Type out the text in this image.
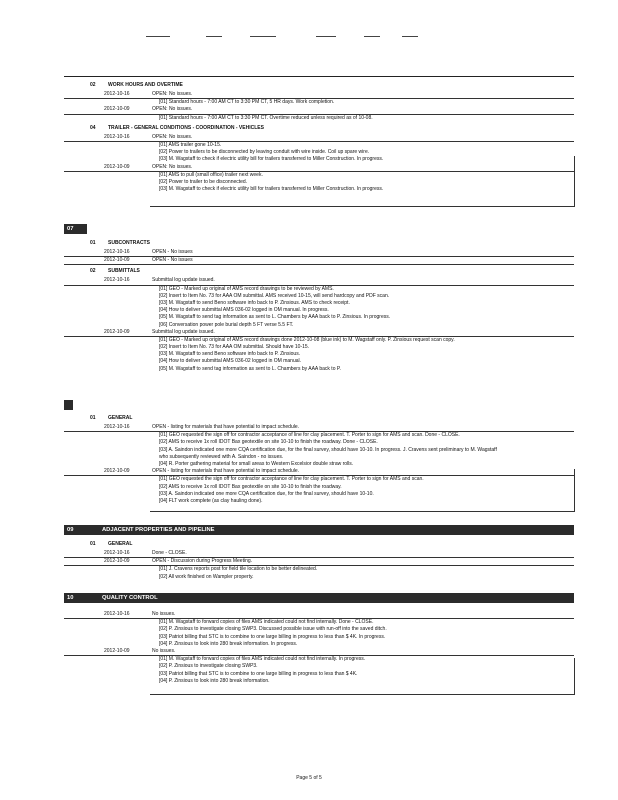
02 WORK HOURS AND OVERTIME
2012-10-16	OPEN: No issues.
[01] Standard hours - 7:00 AM CT to 3:30 PM CT, 5 HR days. Work completion.
2012-10-09	OPEN: No issues.
[01] Standard hours - 7:00 AM CT to 3:30 PM CT. Overtime reduced unless required as of 10-08.
04 TRAILER - GENERAL CONDITIONS - COORDINATION - VEHICLES
2012-10-16	OPEN: No issues.
[01] AMS trailer gone 10-15.
[02] Power to trailers to be disconnected by leaving conduit with wire inside. Coil up spare wire.
[03] M. Wagstaff to check if electric utility bill for trailers transferred to Miller Construction. In progress.
2012-10-09	OPEN: No issues.
[01] AMS to pull (small office) trailer next week.
[02] Power to trailer to be disconnected.
[03] M. Wagstaff to check if electric utility bill for trailers transferred to Miller Construction. In progress.
07
01 SUBCONTRACTS
2012-10-16	OPEN - No issues
2012-10-09	OPEN - No issues
02 SUBMITTALS
2012-10-16	Submittal log update issued.
[01] GEO - Marked up original of AMS record drawings to be reviewed by AMS.
[02] Insert to Item No. 73 for AAA OM submittal. AMS received 10-15, will send hardcopy and PDF scan.
[03] M. Wagstaff to send Beno software info back to P. Zinsious. AMS to check receipt.
[04] How to deliver submittal AMS 036-02 logged in OM manual. In progress.
[05] M. Wagstaff to send tag information as sent to L. Chambers by AAA back to P. Zinsious. In progress.
[06] Conversation power pole burial depth 5 FT verse 5.5 FT.
2012-10-09	Submittal log update issued.
[01] GEO - Marked up original of AMS record drawings done 2012-10-08 (blue ink) to M. Wagstaff only. P. Zinsious request scan copy.
[02] Insert to Item No. 73 for AAA OM submittal. Should have 10-15.
[03] M. Wagstaff to send Beno software info back to P. Zinsious.
[04] How to deliver submittal AMS 036-02 logged in OM manual.
[05] M. Wagstaff to send tag information as sent to L. Chambers by AAA back to P.
01 GENERAL
2012-10-16	OPEN - listing for materials that have potential to impact schedule.
[01] GEO requested the sign off for contractor acceptance of line for clay placement. T. Porter to sign for AMS and scan. Done - CLOSE.
[02] AMS to receive 1x roll IDOT Bax geotextile on site 10-10 to finish the roadway. Done - CLOSE.
[03] A. Saindon indicated one more CQA certification due, for the final survey, should have 10-10. In progress. J. Cravens sent preliminary to M. Wagstaff
who subsequently reviewed with A. Saindon - no issues.
[04] R. Porter gathering material for small areas to Western Excelsior double straw rolls.
2012-10-09	OPEN - listing for materials that have potential to impact schedule.
[01] GEO requested the sign off for contractor acceptance of line for clay placement. T. Porter to sign for AMS and scan.
[02] AMS to receive 1x roll IDOT Bax geotextile on site 10-10 to finish the roadway.
[03] A. Saindon indicated one more CQA certification due, for the final survey, should have 10-10.
[04] FLT work complete (as clay hauling done).
09	ADJACENT PROPERTIES AND PIPELINE
01 GENERAL
2012-10-16	Done - CLOSE.
2012-10-09	OPEN - Discussion during Progress Meeting.
[01] J. Cravens reports post for field tile location to be better delineated.
[02] All work finished on Wampler property.
10	QUALITY CONTROL
2012-10-16	No issues.
[01] M. Wagstaff to forward copies of files AMS indicated could not find internally. Done - CLOSE.
[02] P. Zinsious to investigate closing SWP3. Discussed possible issue with run-off into the saved ditch.
[03] Patriot billing that STC is to combine to one large billing in progress to less than $ 4K. In progress.
[04] P. Zinsious to look into 280 break information. In progress.
2012-10-09	No issues.
[01] M. Wagstaff to forward copies of files AMS indicated could not find internally. In progress.
[02] P. Zinsious to investigate closing SWP3.
[03] Patriot billing that STC is to combine to one large billing in progress to less than $ 4K.
[04] P. Zinsious to look into 280 break information.
Page 5 of 5
